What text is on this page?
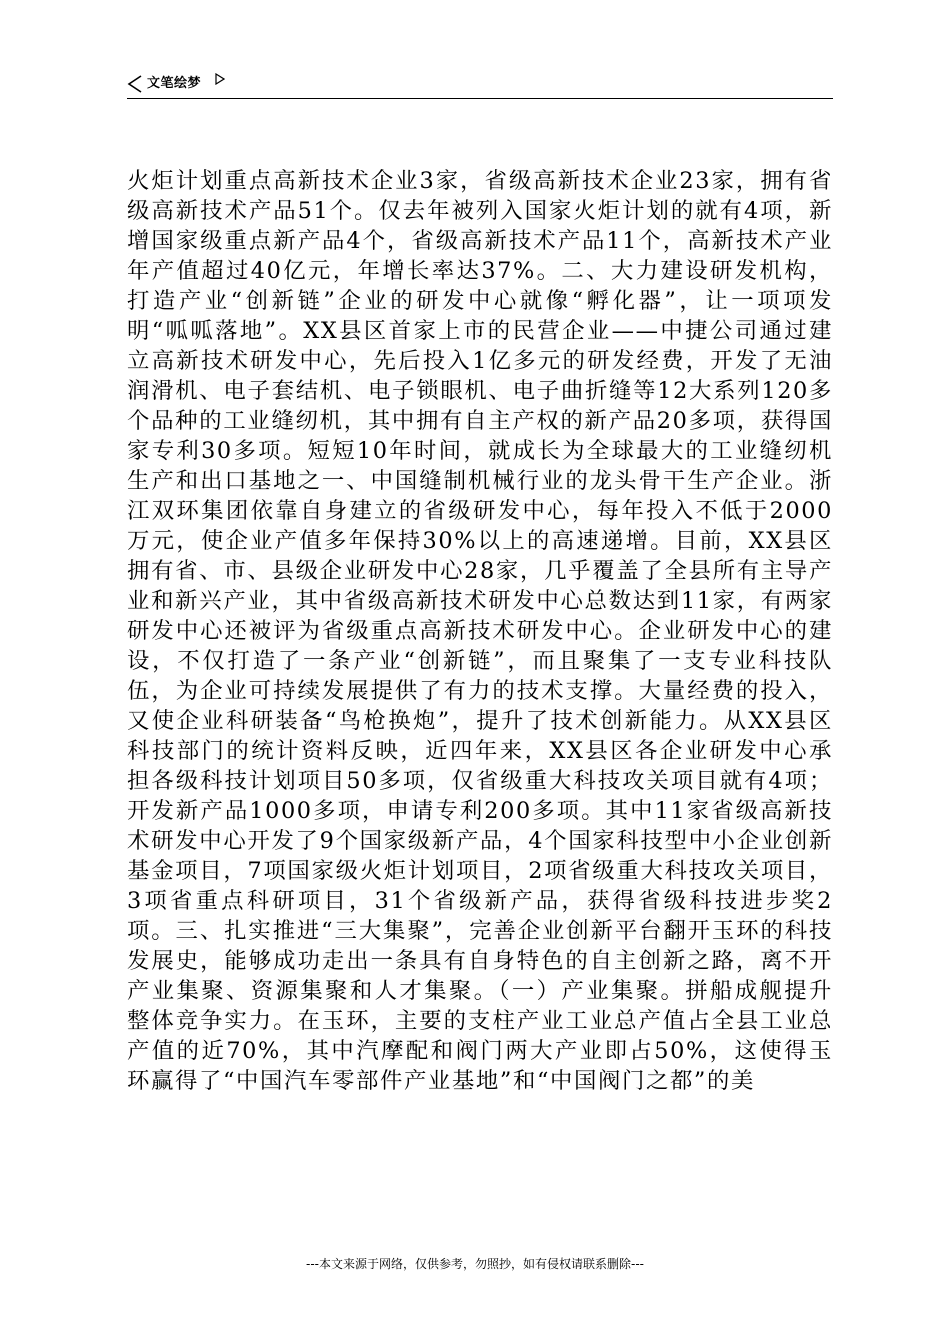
文笔绘梦
火炬计划重点高新技术企业3家，省级高新技术企业23家，拥有省级高新技术产品51个。仅去年被列入国家火炬计划的就有4项，新增国家级重点新产品4个，省级高新技术产品11个，高新技术产业年产值超过40亿元，年增长率达37%。二、大力建设研发机构，打造产业“创新链”企业的研发中心就像“孵化器”，让一项项发明“呱呱落地”。XX县区首家上市的民营企业——中捷公司通过建立高新技术研发中心，先后投入1亿多元的研发经费，开发了无油润滑机、电子套结机、电子锁眼机、电子曲折缝等12大系列120多个品种的工业缝纫机，其中拥有自主产权的新产品20多项，获得国家专利30多项。短短10年时间，就成长为全球最大的工业缝纫机生产和出口基地之一、中国缝制机械行业的龙头骨干生产企业。浙江双环集团依靠自身建立的省级研发中心，每年投入不低于2000万元，使企业产值多年保持30%以上的高速递增。目前，XX县区拥有省、市、县级企业研发中心28家，几乎覆盖了全县所有主导产业和新兴产业，其中省级高新技术研发中心总数达到11家，有两家研发中心还被评为省级重点高新技术研发中心。企业研发中心的建设，不仅打造了一条产业“创新链”，而且聚集了一支专业科技队伍，为企业可持续发展提供了有力的技术支撑。大量经费的投入，又使企业科研装备“鸟枪换炮”，提升了技术创新能力。从XX县区科技部门的统计资料反映，近四年来，XX县区各企业研发中心承担各级科技计划项目50多项，仅省级重大科技攻关项目就有4项；开发新产品1000多项，申请专利200多项。其中11家省级高新技术研发中心开发了9个国家级新产品，4个国家科技型中小企业创新基金项目，7项国家级火炬计划项目，2项省级重大科技攻关项目，3项省重点科研项目，31个省级新产品，获得省级科技进步奖2项。三、扎实推进“三大集聚”，完善企业创新平台翻开玉环的科技发展史，能够成功走出一条具有自身特色的自主创新之路，离不开产业集聚、资源集聚和人才集聚。（一）产业集聚。拼船成舰提升整体竞争实力。在玉环，主要的支柱产业工业总产值占全县工业总产值的近70%，其中汽摩配和阀门两大产业即占50%，这使得玉环赢得了“中国汽车零部件产业基地”和“中国阀门之都”的美
---本文来源于网络，仅供参考，勿照抄，如有侵权请联系删除---
